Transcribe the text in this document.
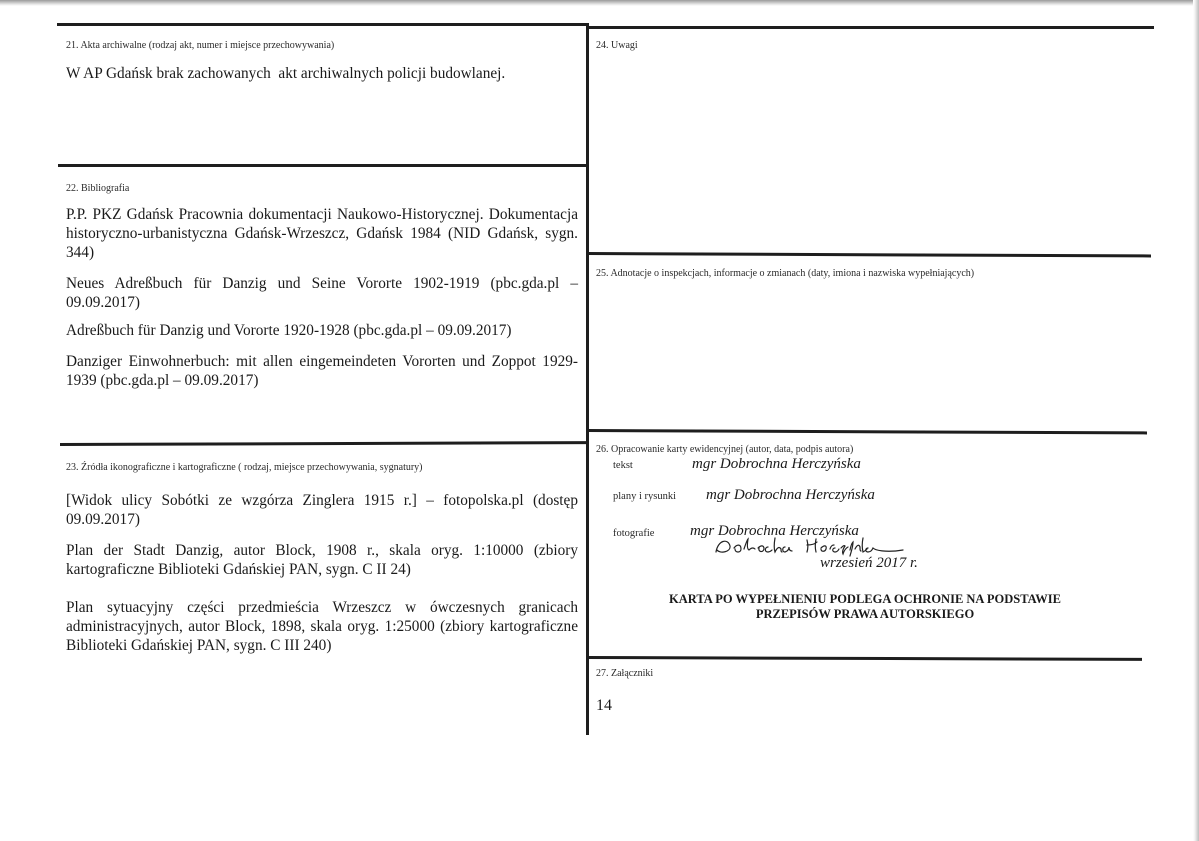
21. Akta archiwalne (rodzaj akt, numer i miejsce przechowywania)
W AP Gdańsk brak zachowanych  akt archiwalnych policji budowlanej.
22. Bibliografia

P.P. PKZ Gdańsk Pracownia dokumentacji Naukowo-Historycznej. Dokumentacja historyczno-urbanistyczna Gdańsk-Wrzeszcz, Gdańsk 1984 (NID Gdańsk, sygn. 344)

Neues Adreßbuch für Danzig und Seine Vororte 1902-1919 (pbc.gda.pl – 09.09.2017)

Adreßbuch für Danzig und Vororte 1920-1928 (pbc.gda.pl – 09.09.2017)

Danziger Einwohnerbuch: mit allen eingemeindeten Vororten und Zoppot 1929-1939 (pbc.gda.pl – 09.09.2017)

23. Źródła ikonograficzne i kartograficzne ( rodzaj, miejsce przechowywania, sygnatury)

[Widok ulicy Sobótki ze wzgórza Zinglera 1915 r.] – fotopolska.pl (dostęp 09.09.2017)

Plan der Stadt Danzig, autor Block, 1908 r., skala oryg. 1:10000 (zbiory kartograficzne Biblioteki Gdańskiej PAN, sygn. C II 24)

Plan sytuacyjny części przedmieścia Wrzeszcz w ówczesnych granicach administracyjnych, autor Block, 1898, skala oryg. 1:25000 (zbiory kartograficzne Biblioteki Gdańskiej PAN, sygn. C III 240)

24. Uwagi
25. Adnotacje o inspekcjach, informacje o zmianach (daty, imiona i nazwiska wypełniających)
26. Opracowanie karty ewidencyjnej (autor, data, podpis autora)
tekst	mgr Dobrochna Herczyńska
plany i rysunki mgr Dobrochna Herczyńska
fotografie mgr Dobrochna Herczyńska
wrzesień 2017 r.
KARTA PO WYPEŁNIENIU PODLEGA OCHRONIE NA PODSTAWIE
PRZEPISÓW PRAWA AUTORSKIEGO
27. Załączniki
14
